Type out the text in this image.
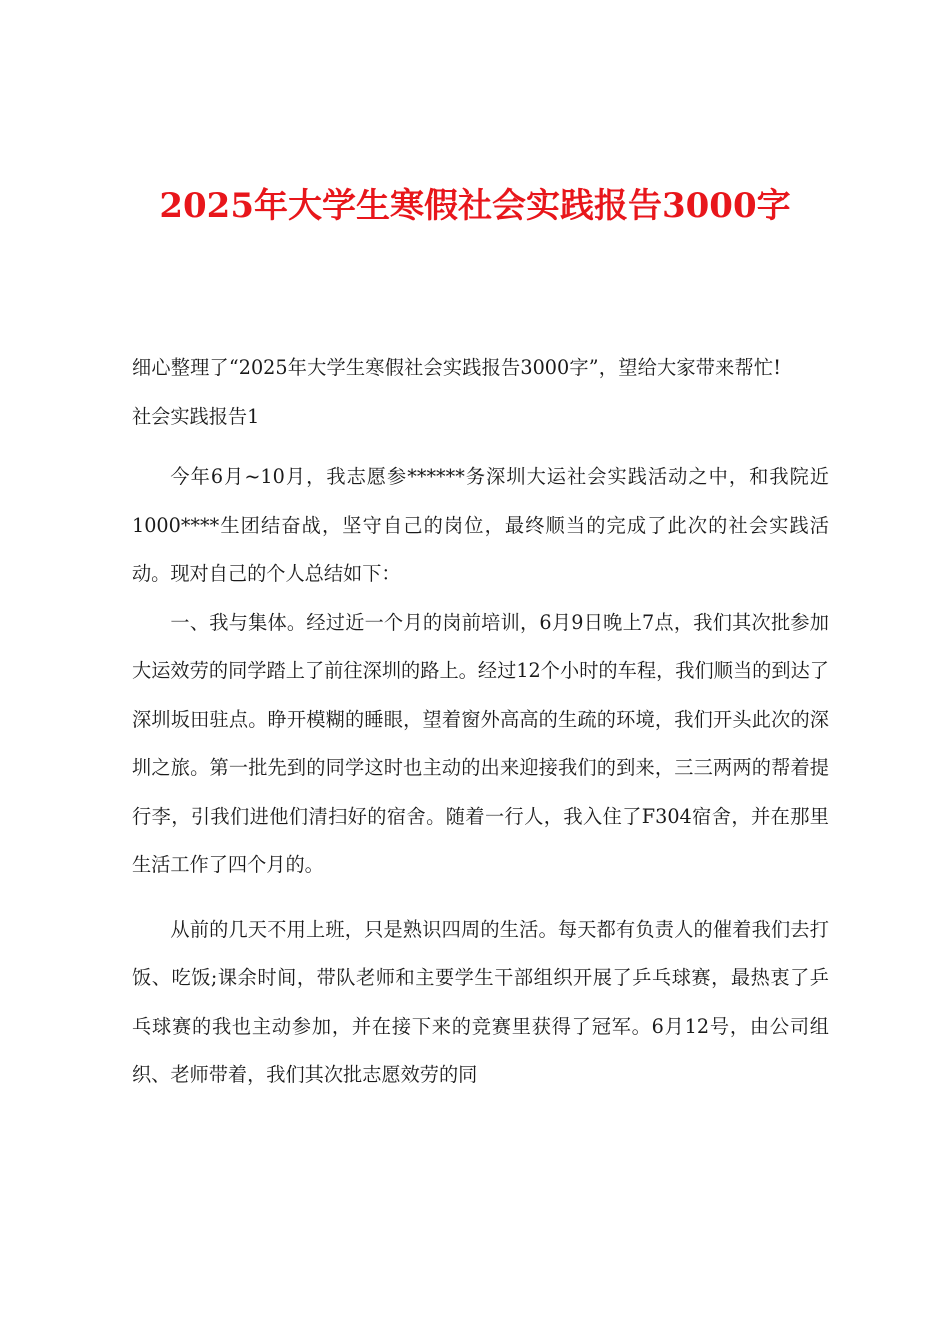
2025年大学生寒假社会实践报告3000字

细心整理了“2025年大学生寒假社会实践报告3000字”，望给大家带来帮忙!社会实践报告1

今年6月~10月，我志愿参******务深圳大运社会实践活动之中，和我院近1000****生团结奋战，坚守自己的岗位，最终顺当的完成了此次的社会实践活动。现对自己的个人总结如下：

一、我与集体。经过近一个月的岗前培训，6月9日晚上7点，我们其次批参加大运效劳的同学踏上了前往深圳的路上。经过12个小时的车程，我们顺当的到达了深圳坂田驻点。睁开模糊的睡眼，望着窗外高高的生疏的环境，我们开头此次的深圳之旅。第一批先到的同学这时也主动的出来迎接我们的到来，三三两两的帮着提行李，引我们进他们清扫好的宿舍。随着一行人，我入住了F304宿舍，并在那里生活工作了四个月的。

从前的几天不用上班，只是熟识四周的生活。每天都有负责人的催着我们去打饭、吃饭;课余时间，带队老师和主要学生干部组织开展了乒乓球赛，最热衷了乒乓球赛的我也主动参加，并在接下来的竞赛里获得了冠军。6月12号，由公司组织、老师带着，我们其次批志愿效劳的同
